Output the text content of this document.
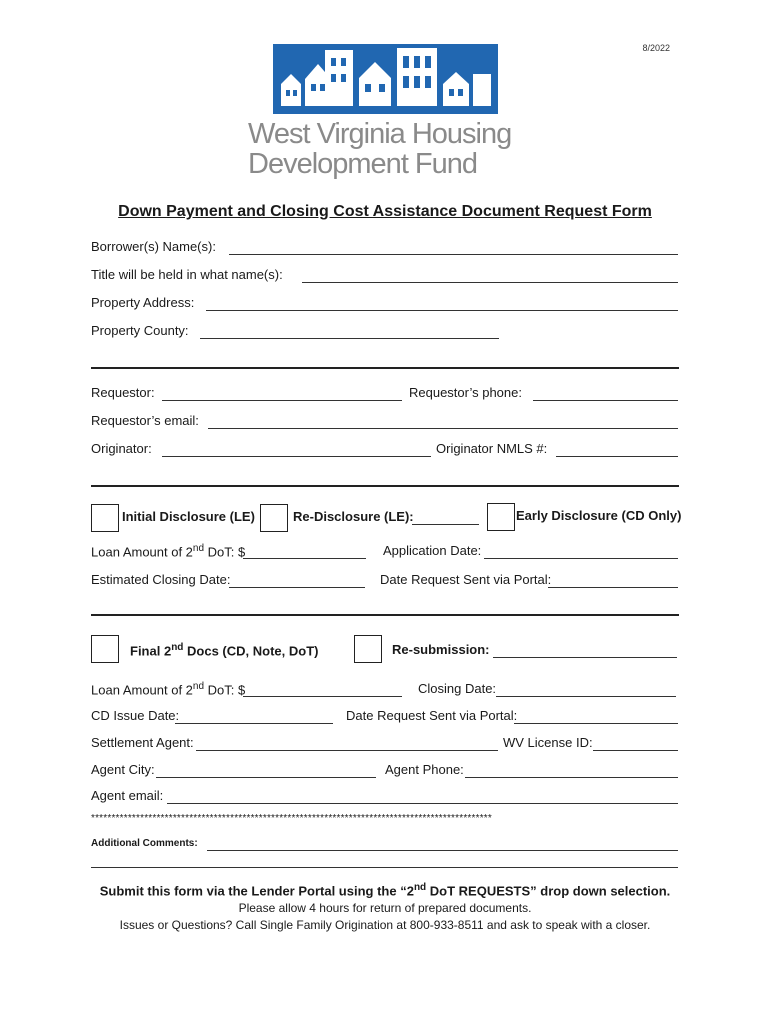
8/2022
West Virginia Housing
Development Fund
Down Payment and Closing Cost Assistance Document Request Form
Borrower(s) Name(s):
Title will be held in what name(s):
Property Address:
Property County:
Requestor:	Requestor’s phone:
Requestor’s email:
Originator:	Originator NMLS #:
Initial Disclosure (LE)	Re-Disclosure (LE):	Early Disclosure (CD Only)
Loan Amount of 2nd DoT: $	Application Date:
Estimated Closing Date:	Date Request Sent via Portal:
Final 2nd Docs (CD, Note, DoT)	Re-submission:
Loan Amount of 2nd DoT: $	Closing Date:
CD Issue Date:	Date Request Sent via Portal:
Settlement Agent:	WV License ID:
Agent City:	Agent Phone:
Agent email:
**************************************************************************************************
Additional Comments:
Submit this form via the Lender Portal using the “2nd DoT REQUESTS” drop down selection.
Please allow 4 hours for return of prepared documents.
Issues or Questions? Call Single Family Origination at 800-933-8511 and ask to speak with a closer.
